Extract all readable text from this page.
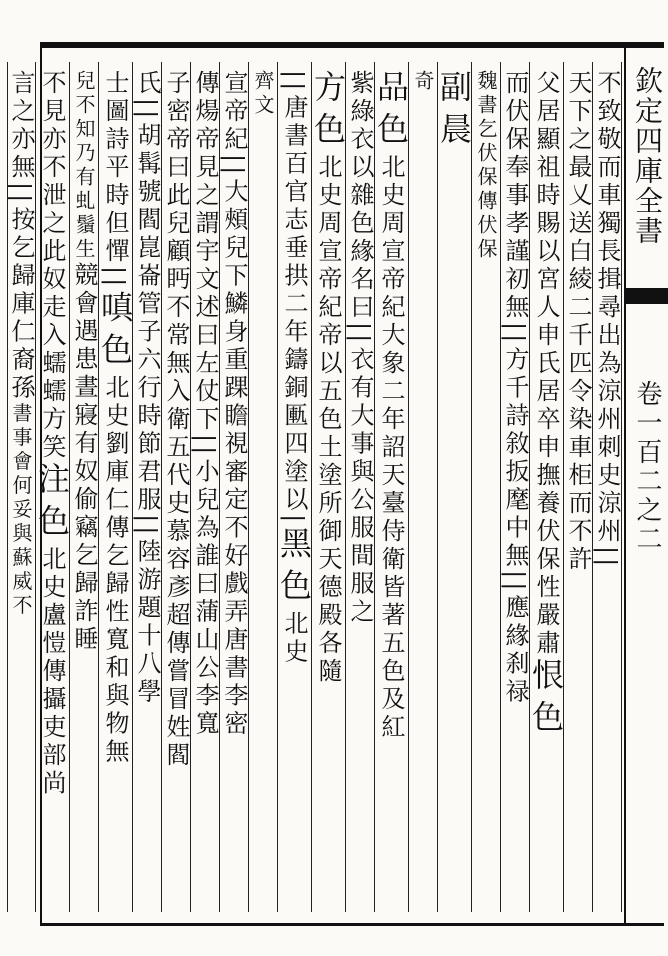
欽定四庫全書
卷一百二之二
不致敬而車獨長揖尋出為涼州刺史涼州||
天下之最乂送白綾二千匹令染車柜而不許
父居顯祖時賜以宮人申氏居卒申撫養伏保性嚴肅恨色
而伏保奉事孝謹初無||方千詩敘扳麾中無||應緣刹禄
魏書乞伏保傳伏保
副晨
奇
品色北史周宣帝紀大象二年詔天臺侍衛皆著五色及紅
紫綠衣以雜色緣名曰||衣有大事與公服間服之
方色北史周宣帝紀帝以五色土塗所御天德殿各隨
||唐書百官志垂拱二年鑄銅匭四塗以|黑色北史
齊文
宣帝紀||大頰兒下鱗身重踝瞻視審定不好戲弄唐書李密
傳煬帝見之謂宇文述曰左仗下||小兒為誰曰蒲山公李寬
子密帝曰此兒顧眄不常無入衛五代史慕容彥超傳嘗冒姓閻
氏||胡髯號閻崑崙管子六行時節君服||陸游題十八學
士圖詩平時但憚||嗔色北史劉庫仁傳乞歸性寬和與物無
兒不知乃有虬鬚生競會遇患晝寢有奴偷竊乞歸詐睡
不見亦不泄之此奴走入蠕蠕方笑注色北史盧愷傳攝吏部尚
言之亦無||按乞歸庫仁裔孫書事會何妥與蘇威不
